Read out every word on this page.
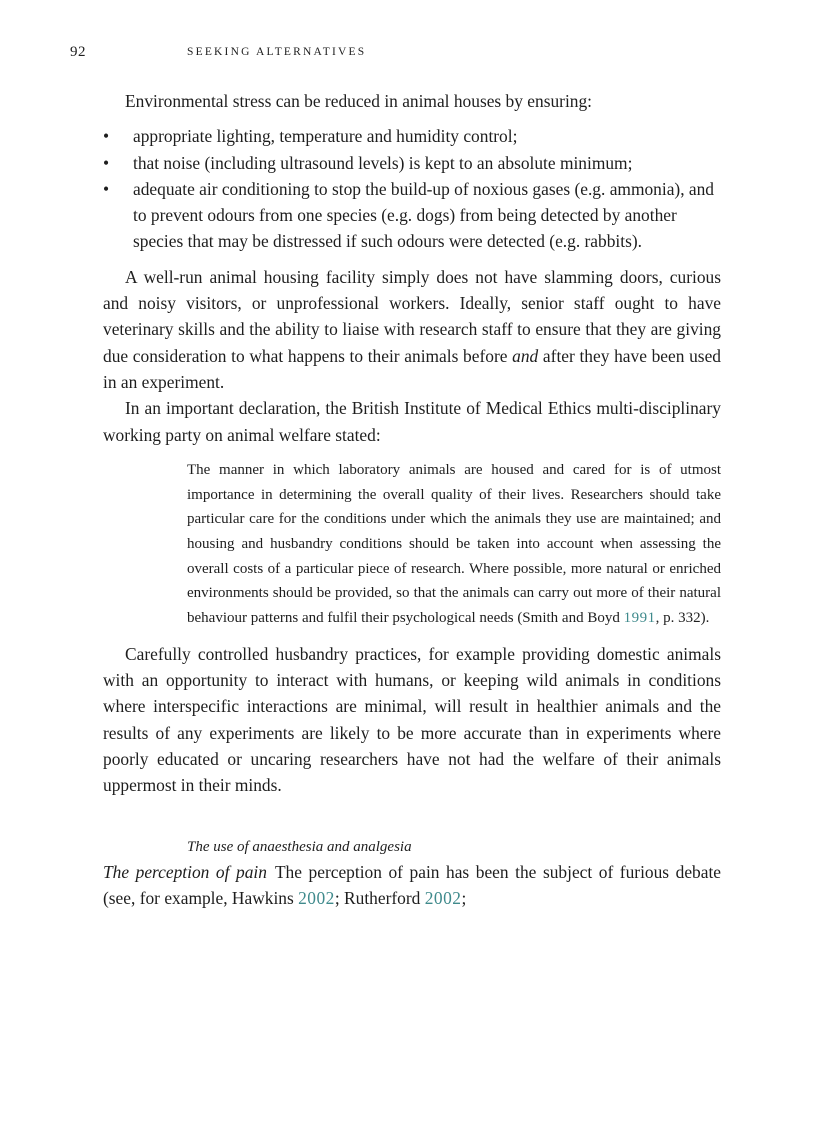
92	SEEKING ALTERNATIVES

Environmental stress can be reduced in animal houses by ensuring:

• appropriate lighting, temperature and humidity control;
• that noise (including ultrasound levels) is kept to an absolute minimum;
• adequate air conditioning to stop the build-up of noxious gases (e.g. ammonia), and to prevent odours from one species (e.g. dogs) from being detected by another species that may be distressed if such odours were detected (e.g. rabbits).

A well-run animal housing facility simply does not have slamming doors, curious and noisy visitors, or unprofessional workers. Ideally, senior staff ought to have veterinary skills and the ability to liaise with research staff to ensure that they are giving due consideration to what happens to their animals before and after they have been used in an experiment.

In an important declaration, the British Institute of Medical Ethics multi-disciplinary working party on animal welfare stated:

The manner in which laboratory animals are housed and cared for is of utmost importance in determining the overall quality of their lives. Researchers should take particular care for the conditions under which the animals they use are maintained; and housing and husbandry conditions should be taken into account when assessing the overall costs of a particular piece of research. Where possible, more natural or enriched environments should be provided, so that the animals can carry out more of their natural behaviour patterns and fulfil their psychological needs (Smith and Boyd 1991, p. 332).

Carefully controlled husbandry practices, for example providing domestic animals with an opportunity to interact with humans, or keeping wild animals in conditions where interspecific interactions are minimal, will result in healthier animals and the results of any experiments are likely to be more accurate than in experiments where poorly educated or uncaring researchers have not had the welfare of their animals uppermost in their minds.

The use of anaesthesia and analgesia

The perception of pain The perception of pain has been the subject of furious debate (see, for example, Hawkins 2002; Rutherford 2002;
